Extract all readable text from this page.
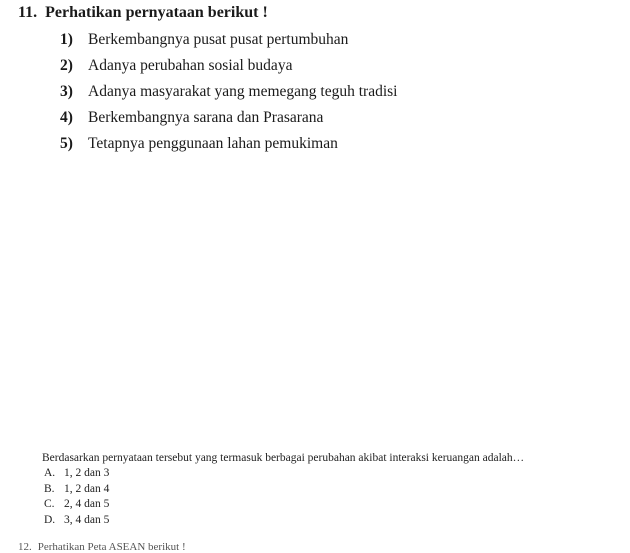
11. Perhatikan pernyataan berikut !
1) Berkembangnya pusat pusat pertumbuhan
2) Adanya perubahan sosial budaya
3) Adanya masyarakat yang memegang teguh tradisi
4) Berkembangnya sarana dan Prasarana
5) Tetapnya penggunaan lahan pemukiman
Berdasarkan pernyataan tersebut yang termasuk berbagai perubahan akibat interaksi keruangan adalah…
A. 1, 2 dan 3
B. 1, 2 dan 4
C. 2, 4 dan 5
D. 3, 4 dan 5
12. Perhatikan Peta ASEAN berikut !
